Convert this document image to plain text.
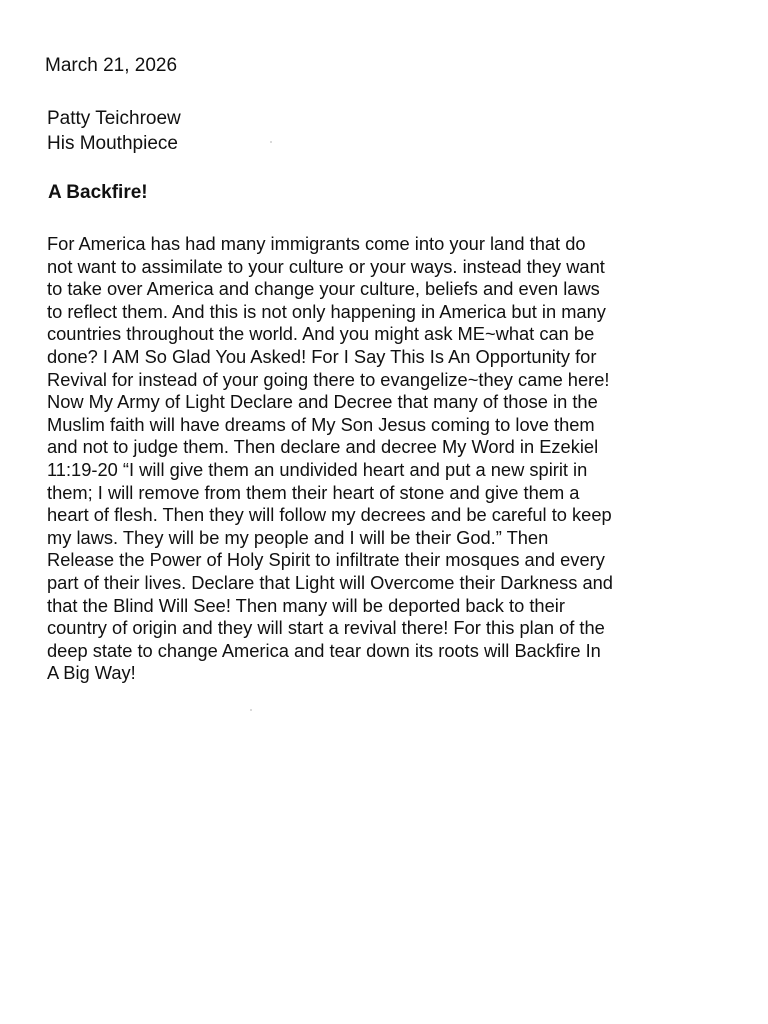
March 21, 2026
Patty Teichroew
His Mouthpiece
A Backfire!
For America has had many immigrants come into your land that do
not want to assimilate to your culture or your ways. instead they want
to take over America and change your culture, beliefs and even laws
to reflect them. And this is not only happening in America but in many
countries throughout the world. And you might ask ME~what can be
done? I AM So Glad You Asked! For I Say This Is An Opportunity for
Revival for instead of your going there to evangelize~they came here!
Now My Army of Light Declare and Decree that many of those in the
Muslim faith will have dreams of My Son Jesus coming to love them
and not to judge them. Then declare and decree My Word in Ezekiel
11:19-20 “I will give them an undivided heart and put a new spirit in
them; I will remove from them their heart of stone and give them a
heart of flesh. Then they will follow my decrees and be careful to keep
my laws. They will be my people and I will be their God.” Then
Release the Power of Holy Spirit to infiltrate their mosques and every
part of their lives. Declare that Light will Overcome their Darkness and
that the Blind Will See! Then many will be deported back to their
country of origin and they will start a revival there! For this plan of the
deep state to change America and tear down its roots will Backfire In
A Big Way!
